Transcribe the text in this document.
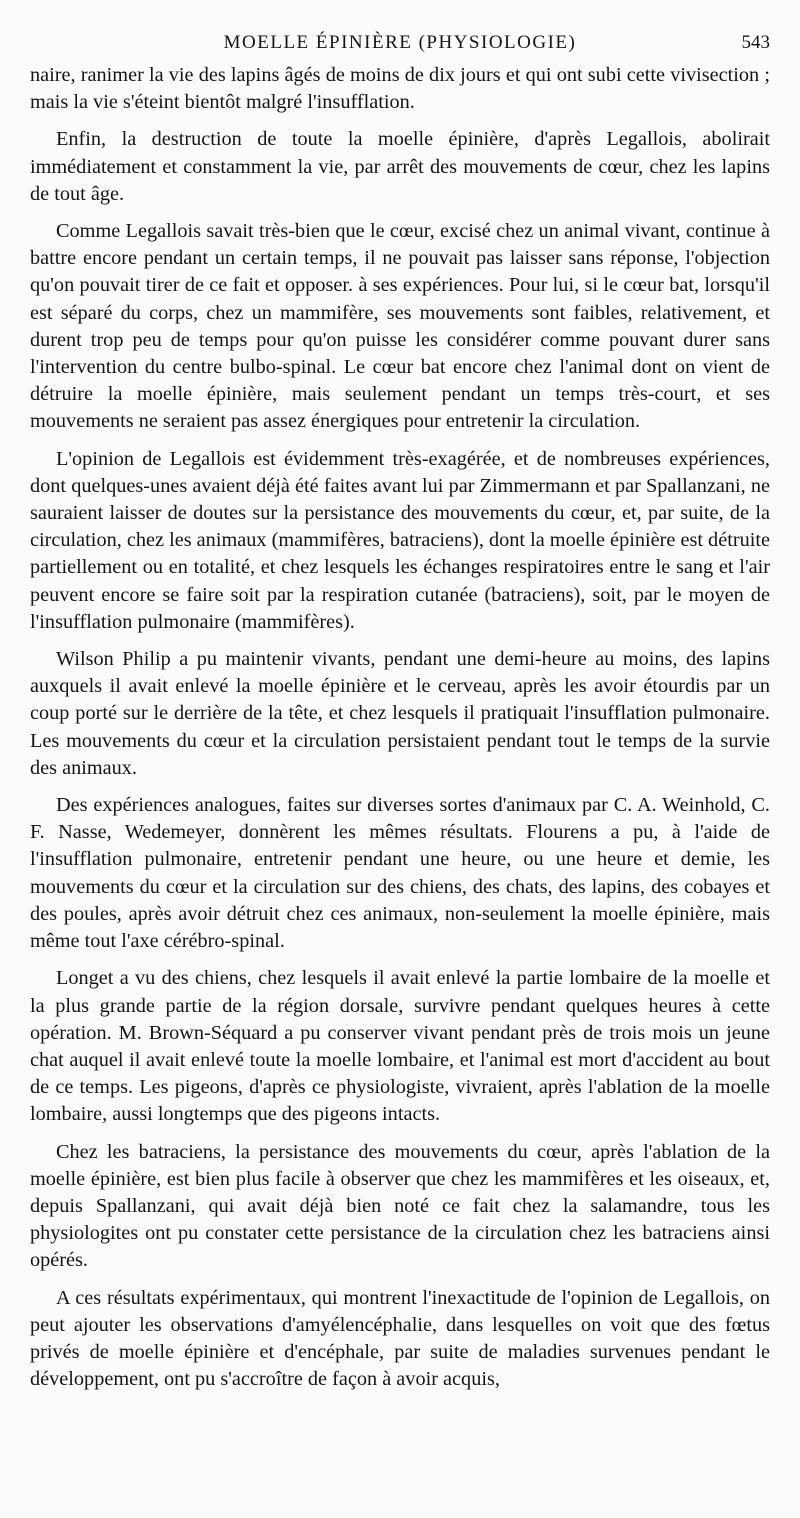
MOELLE ÉPINIÈRE (PHYSIOLOGIE)	543

naire, ranimer la vie des lapins âgés de moins de dix jours et qui ont subi cette vivisection ; mais la vie s'éteint bientôt malgré l'insufflation.

Enfin, la destruction de toute la moelle épinière, d'après Legallois, abolirait immédiatement et constamment la vie, par arrêt des mouvements de cœur, chez les lapins de tout âge.

Comme Legallois savait très-bien que le cœur, excisé chez un animal vivant, continue à battre encore pendant un certain temps, il ne pouvait pas laisser sans réponse, l'objection qu'on pouvait tirer de ce fait et opposer. à ses expériences. Pour lui, si le cœur bat, lorsqu'il est séparé du corps, chez un mammifère, ses mouvements sont faibles, relativement, et durent trop peu de temps pour qu'on puisse les considérer comme pouvant durer sans l'intervention du centre bulbo-spinal. Le cœur bat encore chez l'animal dont on vient de détruire la moelle épinière, mais seulement pendant un temps très-court, et ses mouvements ne seraient pas assez énergiques pour entretenir la circulation.

L'opinion de Legallois est évidemment très-exagérée, et de nombreuses expériences, dont quelques-unes avaient déjà été faites avant lui par Zimmermann et par Spallanzani, ne sauraient laisser de doutes sur la persistance des mouvements du cœur, et, par suite, de la circulation, chez les animaux (mammifères, batraciens), dont la moelle épinière est détruite partiellement ou en totalité, et chez lesquels les échanges respiratoires entre le sang et l'air peuvent encore se faire soit par la respiration cutanée (batraciens), soit, par le moyen de l'insufflation pulmonaire (mammifères).

Wilson Philip a pu maintenir vivants, pendant une demi-heure au moins, des lapins auxquels il avait enlevé la moelle épinière et le cerveau, après les avoir étourdis par un coup porté sur le derrière de la tête, et chez lesquels il pratiquait l'insufflation pulmonaire. Les mouvements du cœur et la circulation persistaient pendant tout le temps de la survie des animaux.

Des expériences analogues, faites sur diverses sortes d'animaux par C. A. Weinhold, C. F. Nasse, Wedemeyer, donnèrent les mêmes résultats. Flourens a pu, à l'aide de l'insufflation pulmonaire, entretenir pendant une heure, ou une heure et demie, les mouvements du cœur et la circulation sur des chiens, des chats, des lapins, des cobayes et des poules, après avoir détruit chez ces animaux, non-seulement la moelle épinière, mais même tout l'axe cérébro-spinal.

Longet a vu des chiens, chez lesquels il avait enlevé la partie lombaire de la moelle et la plus grande partie de la région dorsale, survivre pendant quelques heures à cette opération. M. Brown-Séquard a pu conserver vivant pendant près de trois mois un jeune chat auquel il avait enlevé toute la moelle lombaire, et l'animal est mort d'accident au bout de ce temps. Les pigeons, d'après ce physiologiste, vivraient, après l'ablation de la moelle lombaire, aussi longtemps que des pigeons intacts.

Chez les batraciens, la persistance des mouvements du cœur, après l'ablation de la moelle épinière, est bien plus facile à observer que chez les mammifères et les oiseaux, et, depuis Spallanzani, qui avait déjà bien noté ce fait chez la salamandre, tous les physiologites ont pu constater cette persistance de la circulation chez les batraciens ainsi opérés.

A ces résultats expérimentaux, qui montrent l'inexactitude de l'opinion de Legallois, on peut ajouter les observations d'amyélencéphalie, dans lesquelles on voit que des fœtus privés de moelle épinière et d'encéphale, par suite de maladies survenues pendant le développement, ont pu s'accroître de façon à avoir acquis,
